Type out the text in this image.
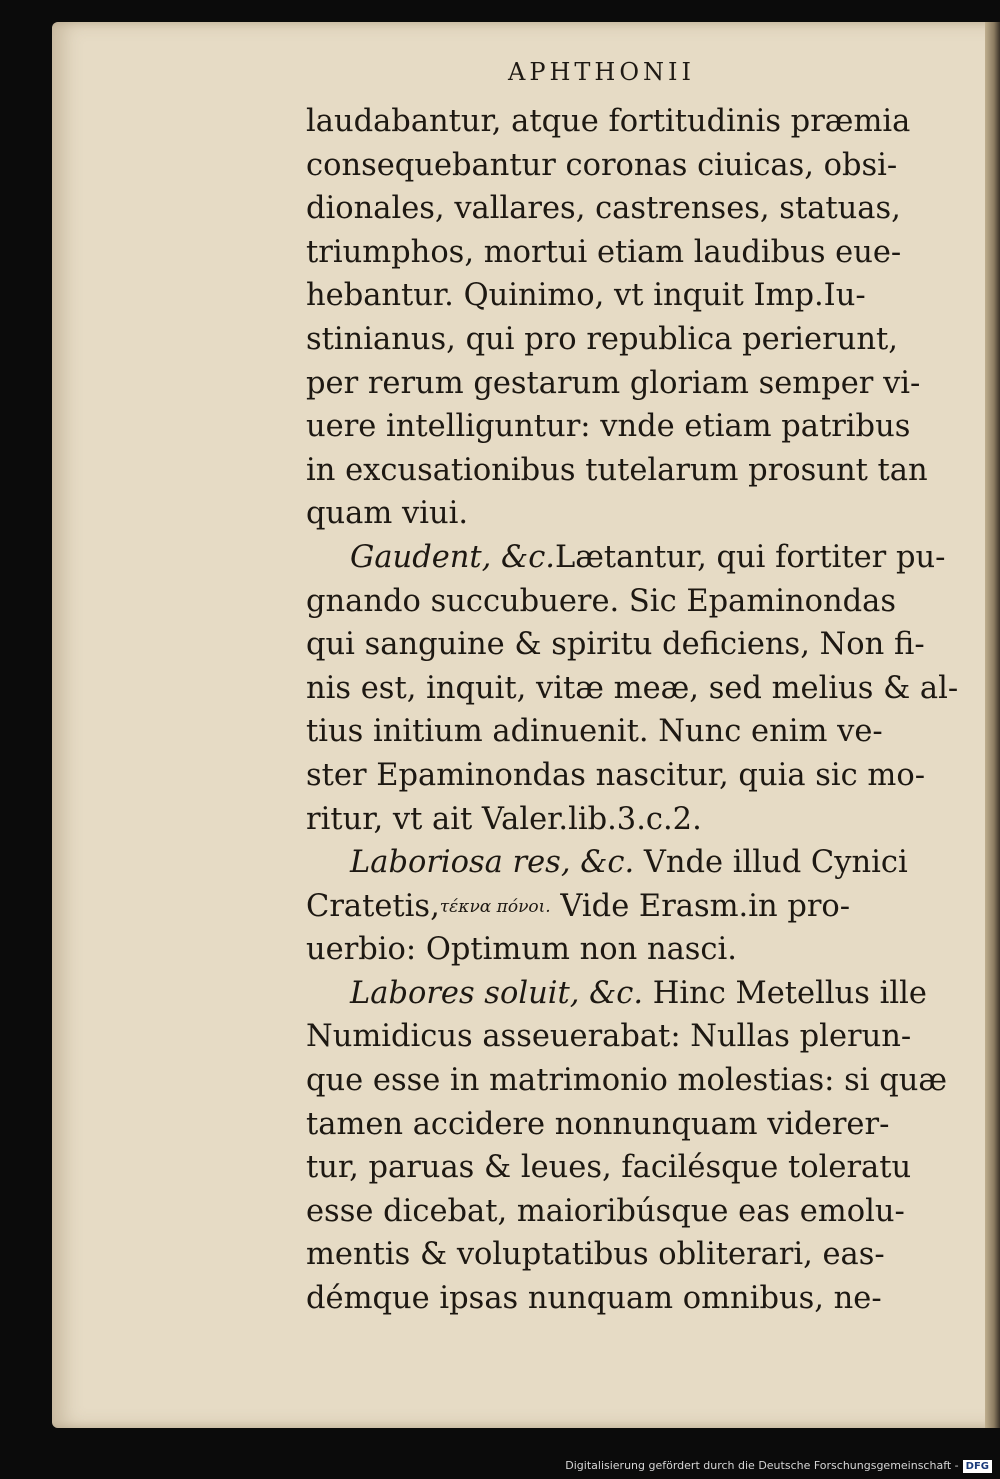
APHTHONII
laudabantur, atque fortitudinis præmia
consequebantur coronas ciuicas, obsi-
dionales, vallares, castrenses, statuas,
triumphos, mortui etiam laudibus eue-
hebantur. Quinimo, vt inquit Imp.Iu-
stinianus, qui pro republica perierunt,
per rerum gestarum gloriam semper vi-
uere intelliguntur: vnde etiam patribus
in excusationibus tutelarum prosunt tan
quam viui.
Gaudent, &c.Lætantur, qui fortiter pu-
gnando succubuere. Sic Epaminondas
qui sanguine & spiritu deficiens, Non fi-
nis est, inquit, vitæ meæ, sed melius & al-
tius initium adinuenit. Nunc enim ve-
ster Epaminondas nascitur, quia sic mo-
ritur, vt ait Valer.lib.3.c.2.
Laboriosa res, &c. Vnde illud Cynici
Cratetis,τέκνα πόνοι. Vide Erasm.in pro-
uerbio: Optimum non nasci.
Labores soluit, &c. Hinc Metellus ille
Numidicus asseuerabat: Nullas plerun-
que esse in matrimonio molestias: si quæ
tamen accidere nonnunquam viderer-
tur, paruas & leues, facilésque toleratu
esse dicebat, maioribúsque eas emolu-
mentis & voluptatibus obliterari, eas-
démque ipsas nunquam omnibus, ne-
Digitalisierung gefördert durch die Deutsche Forschungsgemeinschaft - DFG
